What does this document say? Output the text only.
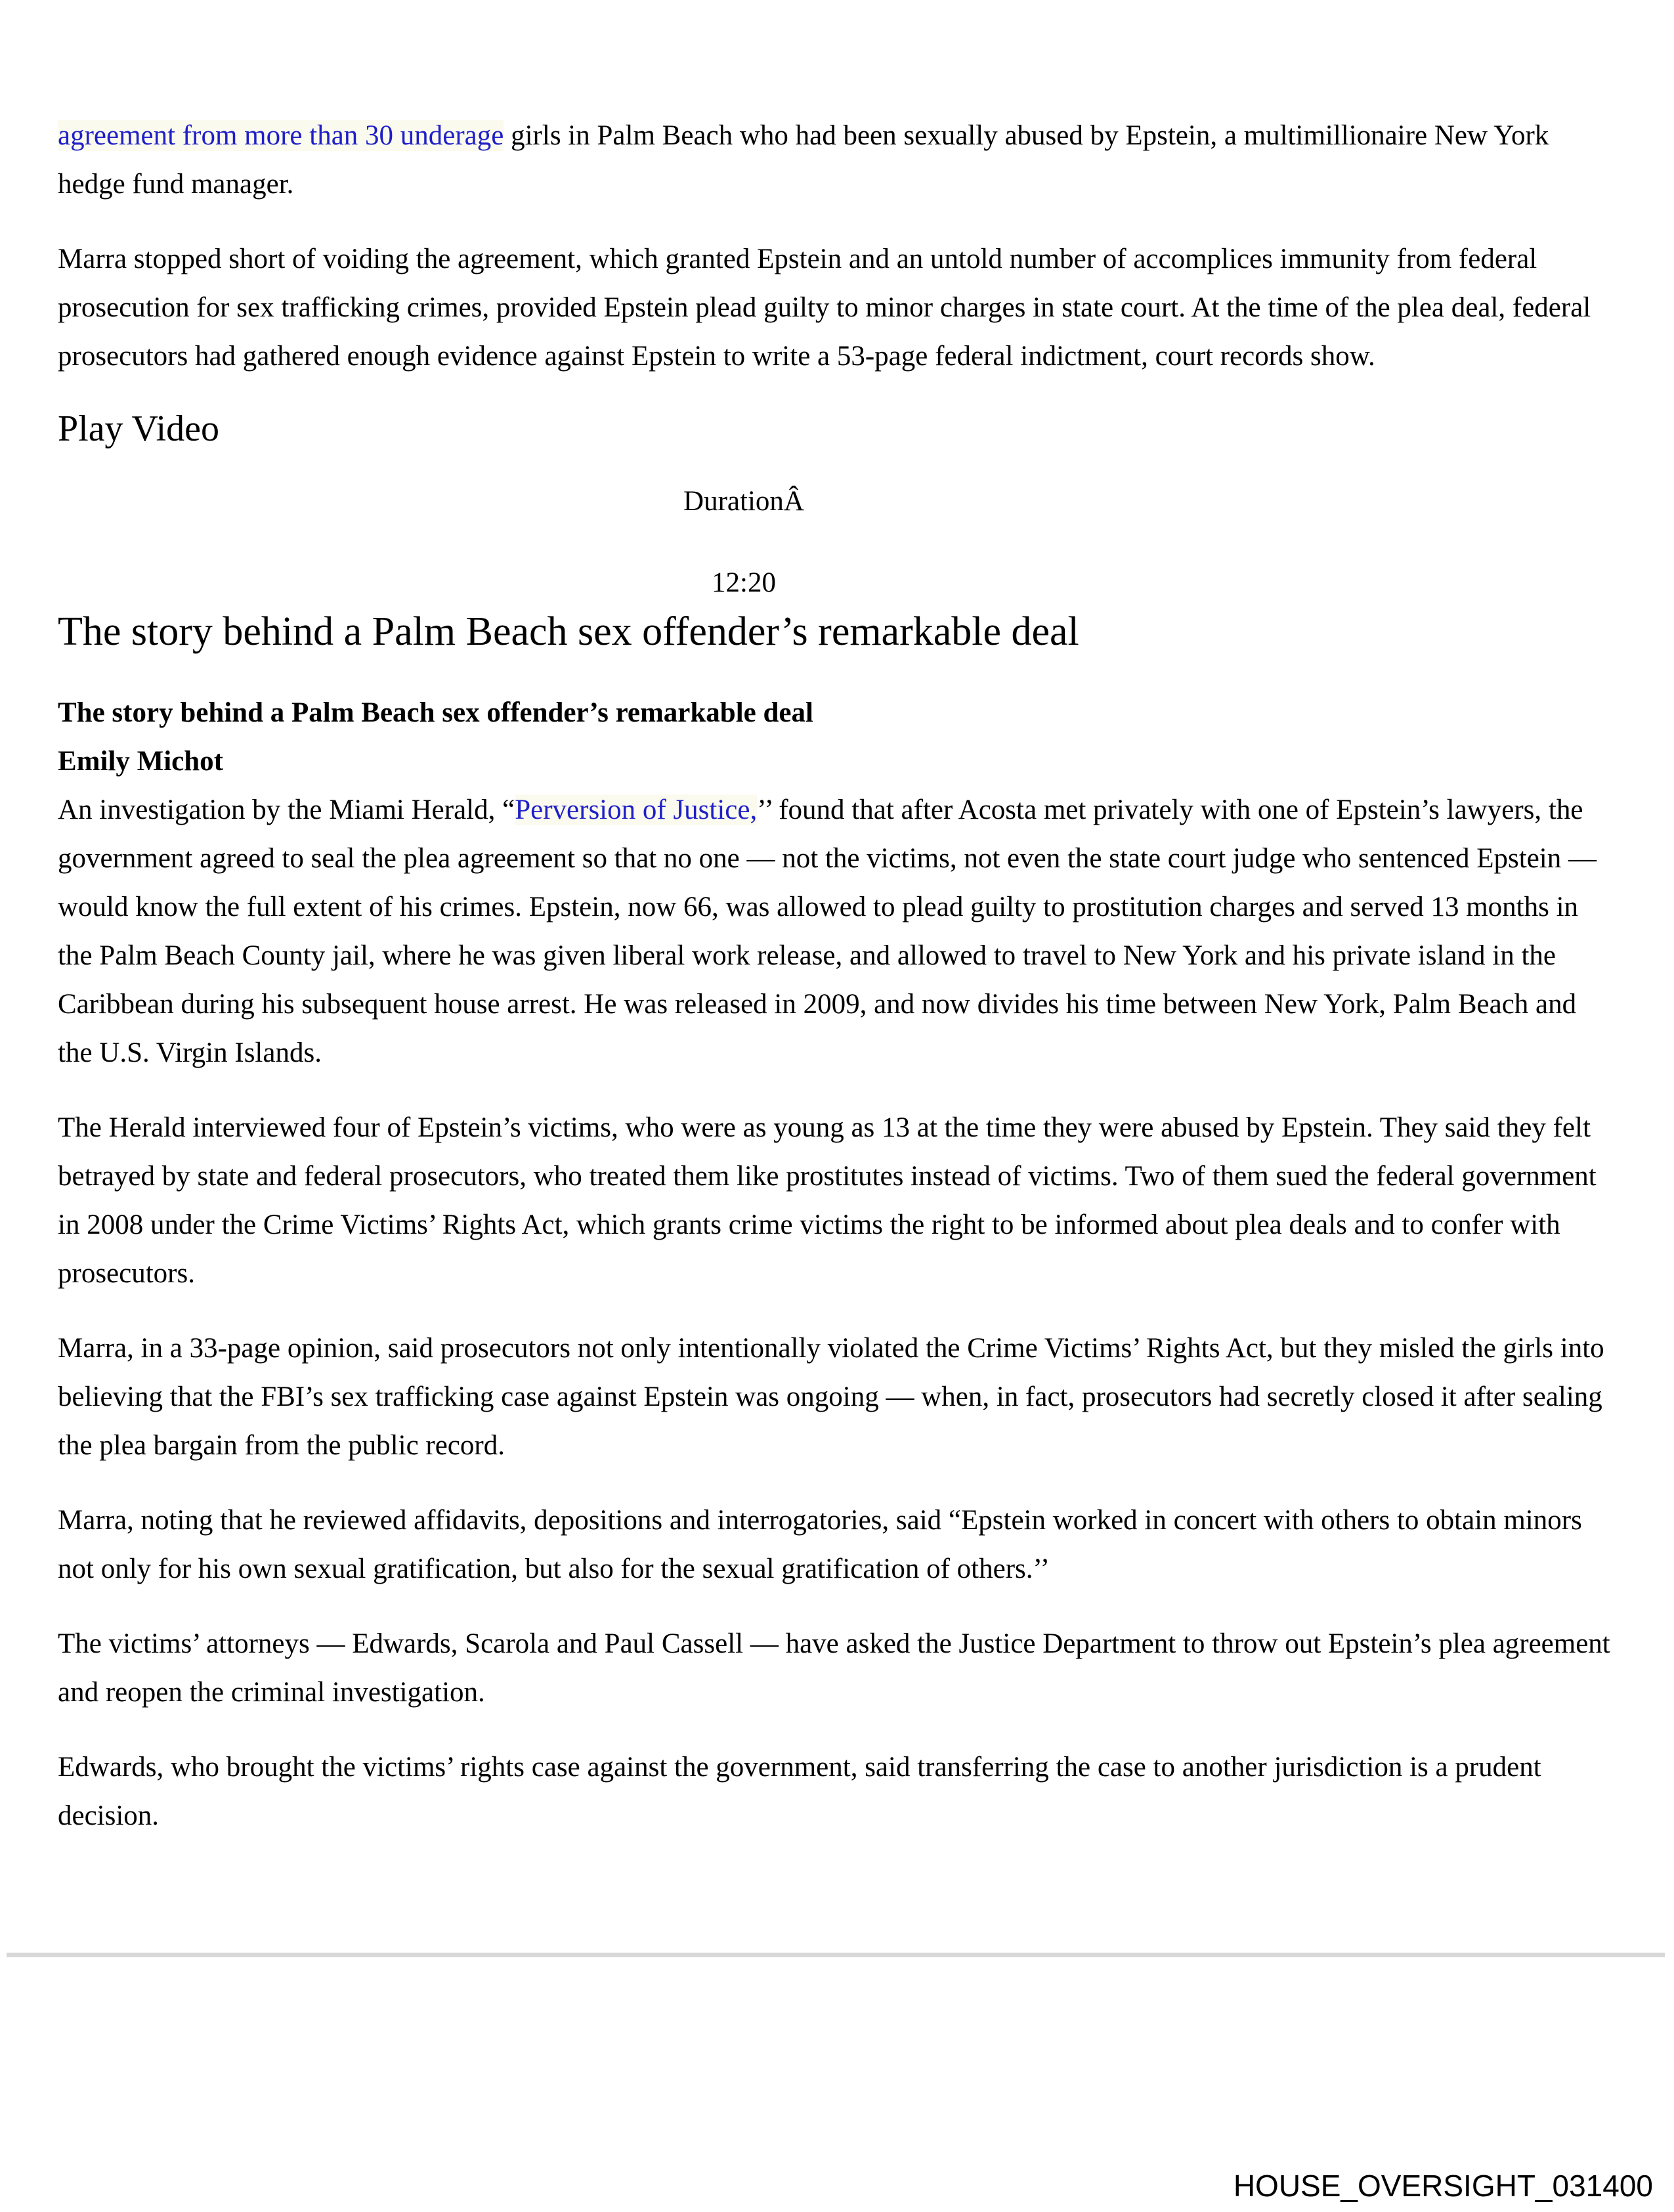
agreement from more than 30 underage girls in Palm Beach who had been sexually abused by Epstein, a multimillionaire New York hedge fund manager.

Marra stopped short of voiding the agreement, which granted Epstein and an untold number of accomplices immunity from federal prosecution for sex trafficking crimes, provided Epstein plead guilty to minor charges in state court. At the time of the plea deal, federal prosecutors had gathered enough evidence against Epstein to write a 53-page federal indictment, court records show.

Play Video
DurationÂ
12:20
The story behind a Palm Beach sex offender’s remarkable deal
The story behind a Palm Beach sex offender’s remarkable deal
Emily Michot

An investigation by the Miami Herald, “Perversion of Justice,’’ found that after Acosta met privately with one of Epstein’s lawyers, the government agreed to seal the plea agreement so that no one — not the victims, not even the state court judge who sentenced Epstein — would know the full extent of his crimes. Epstein, now 66, was allowed to plead guilty to prostitution charges and served 13 months in the Palm Beach County jail, where he was given liberal work release, and allowed to travel to New York and his private island in the Caribbean during his subsequent house arrest. He was released in 2009, and now divides his time between New York, Palm Beach and the U.S. Virgin Islands.

The Herald interviewed four of Epstein’s victims, who were as young as 13 at the time they were abused by Epstein. They said they felt betrayed by state and federal prosecutors, who treated them like prostitutes instead of victims. Two of them sued the federal government in 2008 under the Crime Victims’ Rights Act, which grants crime victims the right to be informed about plea deals and to confer with prosecutors.

Marra, in a 33-page opinion, said prosecutors not only intentionally violated the Crime Victims’ Rights Act, but they misled the girls into believing that the FBI’s sex trafficking case against Epstein was ongoing — when, in fact, prosecutors had secretly closed it after sealing the plea bargain from the public record.

Marra, noting that he reviewed affidavits, depositions and interrogatories, said “Epstein worked in concert with others to obtain minors not only for his own sexual gratification, but also for the sexual gratification of others.’’

The victims’ attorneys — Edwards, Scarola and Paul Cassell — have asked the Justice Department to throw out Epstein’s plea agreement and reopen the criminal investigation.

Edwards, who brought the victims’ rights case against the government, said transferring the case to another jurisdiction is a prudent decision.

HOUSE_OVERSIGHT_031400
